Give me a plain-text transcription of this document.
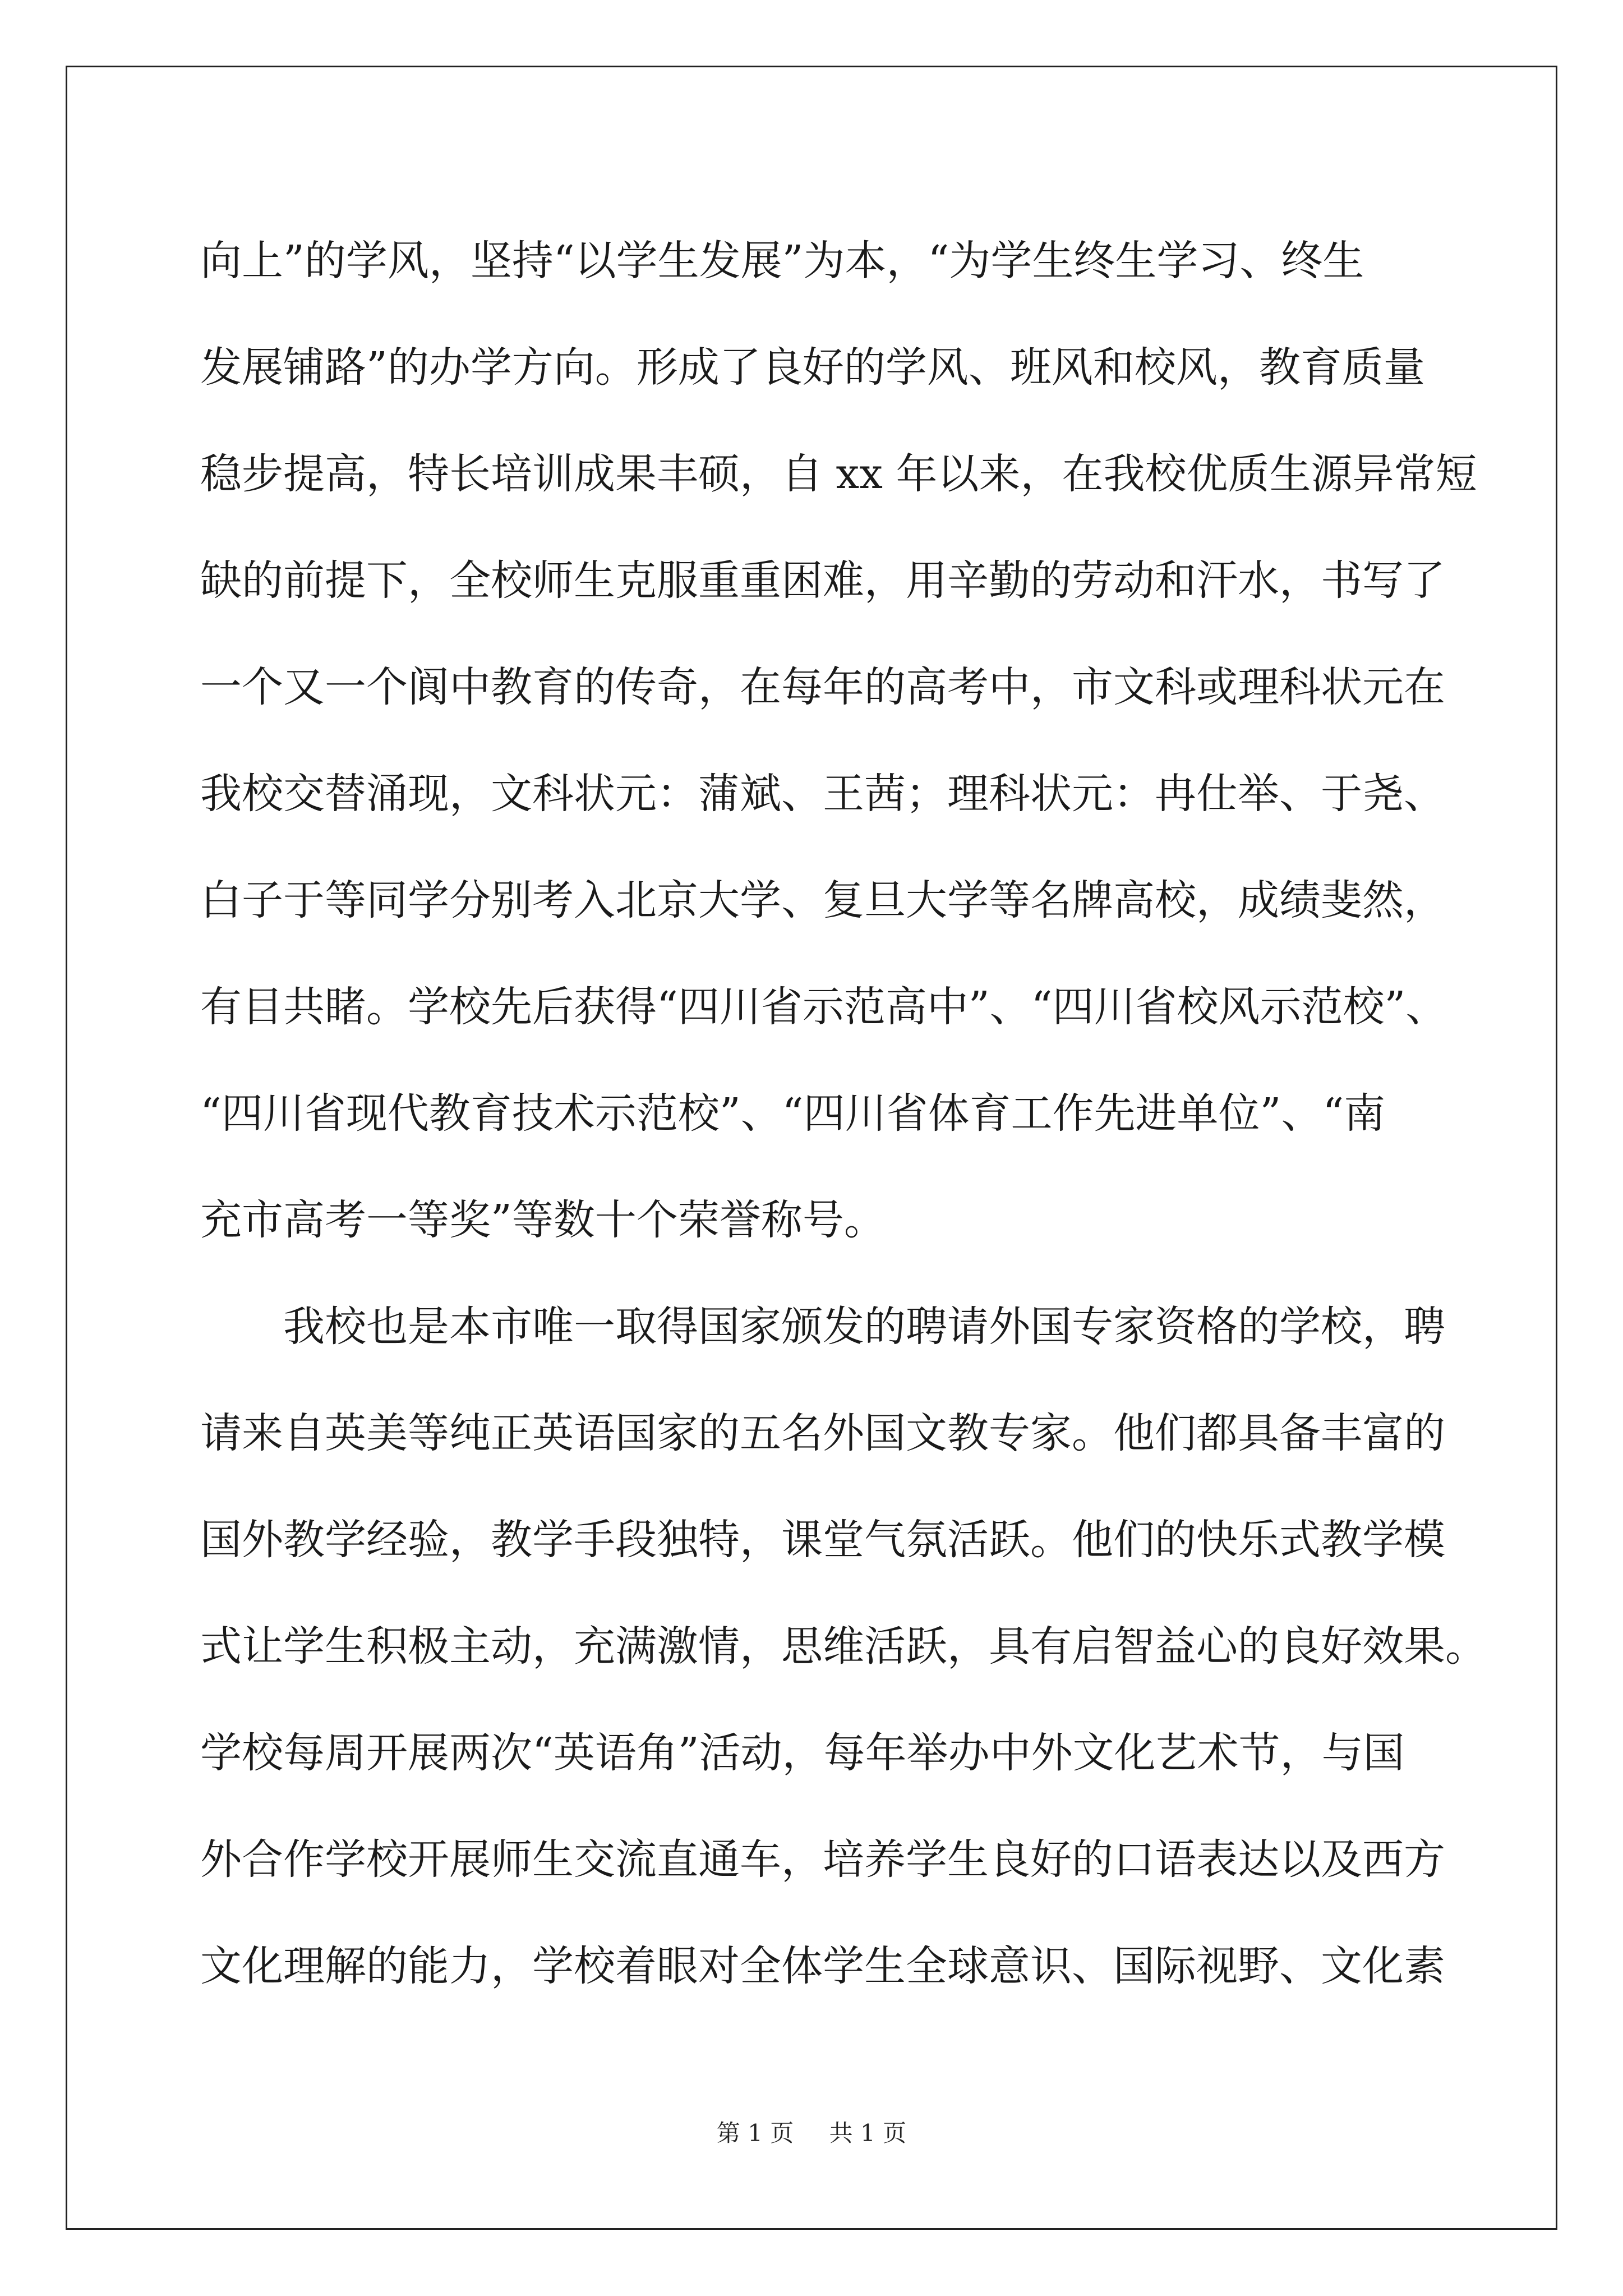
向上”的学风，坚持“以学生发展”为本，“为学生终生学习、终生
发展铺路”的办学方向。形成了良好的学风、班风和校风，教育质量
稳步提高，特长培训成果丰硕，自 xx 年以来，在我校优质生源异常短
缺的前提下，全校师生克服重重困难，用辛勤的劳动和汗水，书写了
一个又一个阆中教育的传奇，在每年的高考中，市文科或理科状元在
我校交替涌现，文科状元：蒲斌、王茜；理科状元：冉仕举、于尧、
白子于等同学分别考入北京大学、复旦大学等名牌高校，成绩斐然，
有目共睹。学校先后获得“四川省示范高中”、“四川省校风示范校”、
“四川省现代教育技术示范校”、“四川省体育工作先进单位”、“南
充市高考一等奖”等数十个荣誉称号。
我校也是本市唯一取得国家颁发的聘请外国专家资格的学校，聘
请来自英美等纯正英语国家的五名外国文教专家。他们都具备丰富的
国外教学经验，教学手段独特，课堂气氛活跃。他们的快乐式教学模
式让学生积极主动，充满激情，思维活跃，具有启智益心的良好效果。
学校每周开展两次“英语角”活动，每年举办中外文化艺术节，与国
外合作学校开展师生交流直通车，培养学生良好的口语表达以及西方
文化理解的能力，学校着眼对全体学生全球意识、国际视野、文化素
第 1 页 共 1 页
